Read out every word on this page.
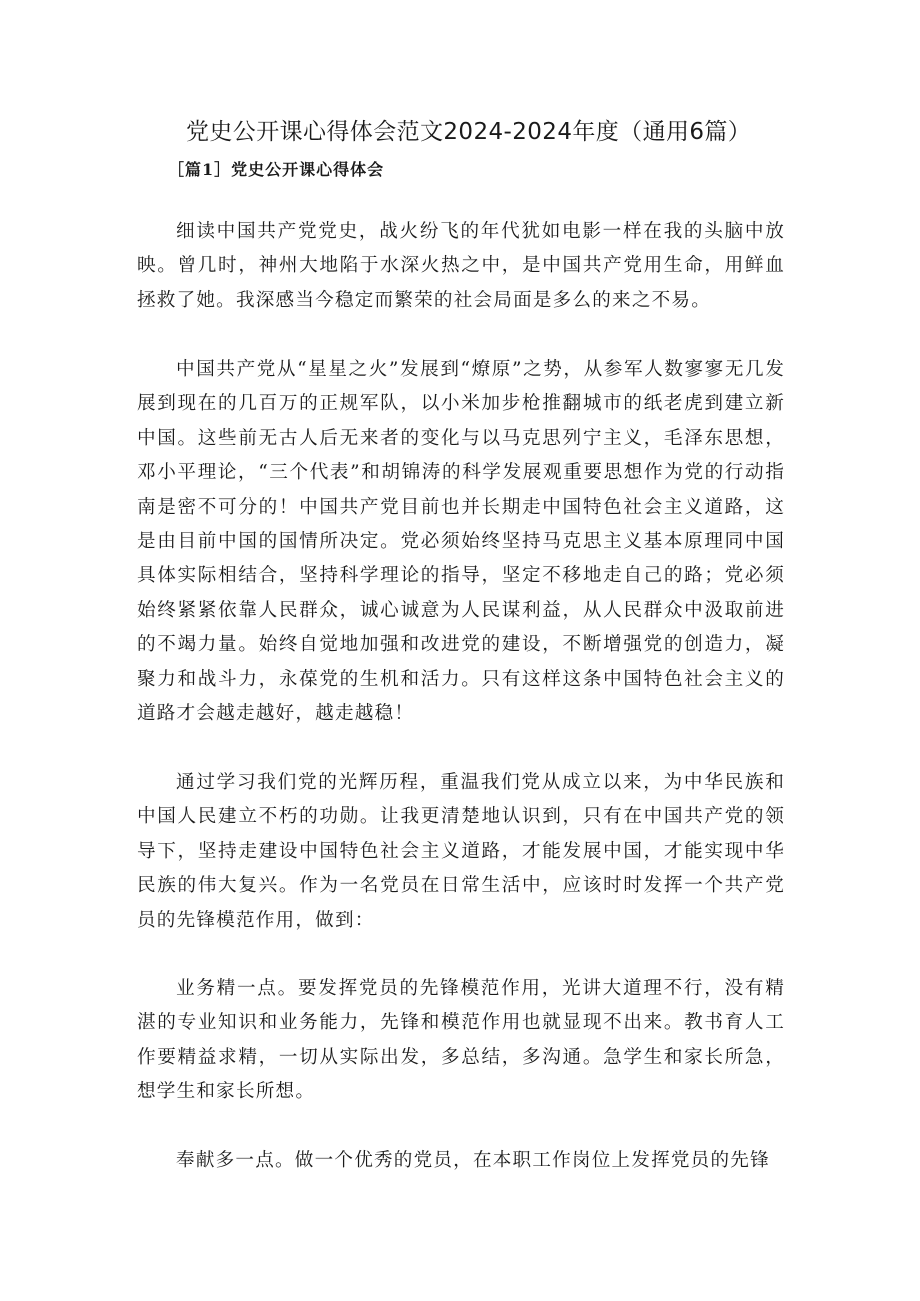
党史公开课心得体会范文2024-2024年度（通用6篇）
［篇1］党史公开课心得体会

细读中国共产党党史，战火纷飞的年代犹如电影一样在我的头脑中放映。曾几时，神州大地陷于水深火热之中，是中国共产党用生命，用鲜血拯救了她。我深感当今稳定而繁荣的社会局面是多么的来之不易。

中国共产党从“星星之火”发展到“燎原”之势，从参军人数寥寥无几发展到现在的几百万的正规军队，以小米加步枪推翻城市的纸老虎到建立新中国。这些前无古人后无来者的变化与以马克思列宁主义，毛泽东思想，邓小平理论，“三个代表”和胡锦涛的科学发展观重要思想作为党的行动指南是密不可分的！中国共产党目前也并长期走中国特色社会主义道路，这是由目前中国的国情所决定。党必须始终坚持马克思主义基本原理同中国具体实际相结合，坚持科学理论的指导，坚定不移地走自己的路；党必须始终紧紧依靠人民群众，诚心诚意为人民谋利益，从人民群众中汲取前进的不竭力量。始终自觉地加强和改进党的建设，不断增强党的创造力，凝聚力和战斗力，永葆党的生机和活力。只有这样这条中国特色社会主义的道路才会越走越好，越走越稳！

通过学习我们党的光辉历程，重温我们党从成立以来，为中华民族和中国人民建立不朽的功勋。让我更清楚地认识到，只有在中国共产党的领导下，坚持走建设中国特色社会主义道路，才能发展中国，才能实现中华民族的伟大复兴。作为一名党员在日常生活中，应该时时发挥一个共产党员的先锋模范作用，做到：

业务精一点。要发挥党员的先锋模范作用，光讲大道理不行，没有精湛的专业知识和业务能力，先锋和模范作用也就显现不出来。教书育人工作要精益求精，一切从实际出发，多总结，多沟通。急学生和家长所急，想学生和家长所想。

奉献多一点。做一个优秀的党员，在本职工作岗位上发挥党员的先锋
